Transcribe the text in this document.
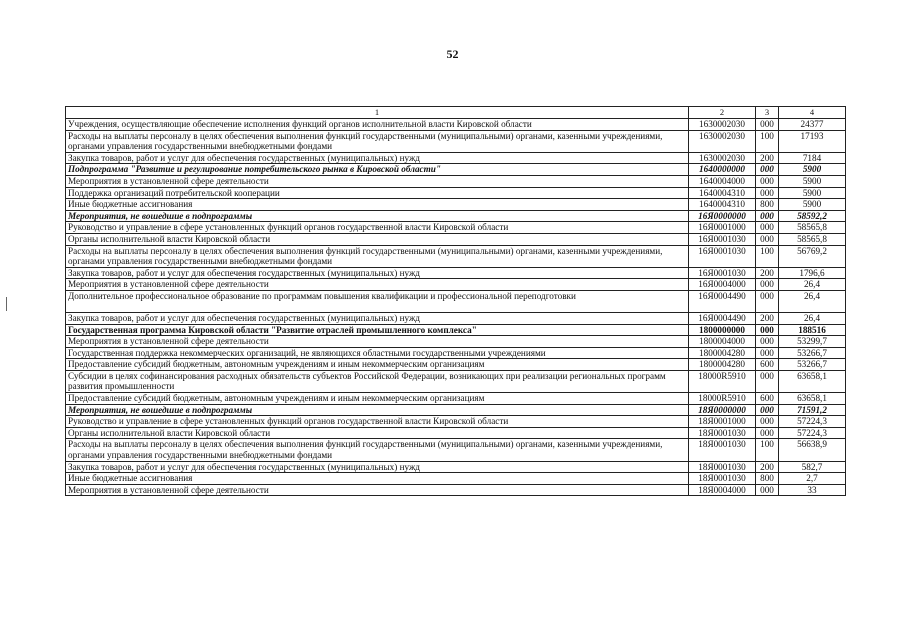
52
1	2	3	4
Учреждения, осуществляющие обеспечение исполнения функций органов исполнительной власти Кировской области	1630002030	000	24377
Расходы на выплаты персоналу в целях обеспечения выполнения функций государственными (муниципальными) органами, казенными учреждениями, органами управления государственными внебюджетными фондами	1630002030	100	17193
Закупка товаров, работ и услуг для обеспечения государственных (муниципальных) нужд	1630002030	200	7184
Подпрограмма "Развитие и регулирование потребительского рынка в Кировской области"	1640000000	000	5900
Мероприятия в установленной сфере деятельности	1640004000	000	5900
Поддержка организаций потребительской кооперации	1640004310	000	5900
Иные бюджетные ассигнования	1640004310	800	5900
Мероприятия, не вошедшие в подпрограммы	16Я0000000	000	58592,2
Руководство и управление в сфере установленных функций органов государственной власти Кировской области	16Я0001000	000	58565,8
Органы исполнительной власти Кировской области	16Я0001030	000	58565,8
Расходы на выплаты персоналу в целях обеспечения выполнения функций государственными (муниципальными) органами, казенными учреждениями, органами управления государственными внебюджетными фондами	16Я0001030	100	56769,2
Закупка товаров, работ и услуг для обеспечения государственных (муниципальных) нужд	16Я0001030	200	1796,6
Мероприятия в установленной сфере деятельности	16Я0004000	000	26,4
Дополнительное профессиональное образование по программам повышения квалификации и профессиональной переподготовки	16Я0004490	000	26,4
Закупка товаров, работ и услуг для обеспечения государственных (муниципальных) нужд	16Я0004490	200	26,4
Государственная программа Кировской области "Развитие отраслей промышленного комплекса"	1800000000	000	188516
Мероприятия в установленной сфере деятельности	1800004000	000	53299,7
Государственная поддержка некоммерческих организаций, не являющихся областными государственными учреждениями	1800004280	000	53266,7
Предоставление субсидий бюджетным, автономным учреждениям и иным некоммерческим организациям	1800004280	600	53266,7
Субсидии в целях софинансирования расходных обязательств субъектов Российской Федерации, возникающих при реализации региональных программ развития промышленности	18000R5910	000	63658,1
Предоставление субсидий бюджетным, автономным учреждениям и иным некоммерческим организациям	18000R5910	600	63658,1
Мероприятия, не вошедшие в подпрограммы	18Я0000000	000	71591,2
Руководство и управление в сфере установленных функций органов государственной власти Кировской области	18Я0001000	000	57224,3
Органы исполнительной власти Кировской области	18Я0001030	000	57224,3
Расходы на выплаты персоналу в целях обеспечения выполнения функций государственными (муниципальными) органами, казенными учреждениями, органами управления государственными внебюджетными фондами	18Я0001030	100	56638,9
Закупка товаров, работ и услуг для обеспечения государственных (муниципальных) нужд	18Я0001030	200	582,7
Иные бюджетные ассигнования	18Я0001030	800	2,7
Мероприятия в установленной сфере деятельности	18Я0004000	000	33
